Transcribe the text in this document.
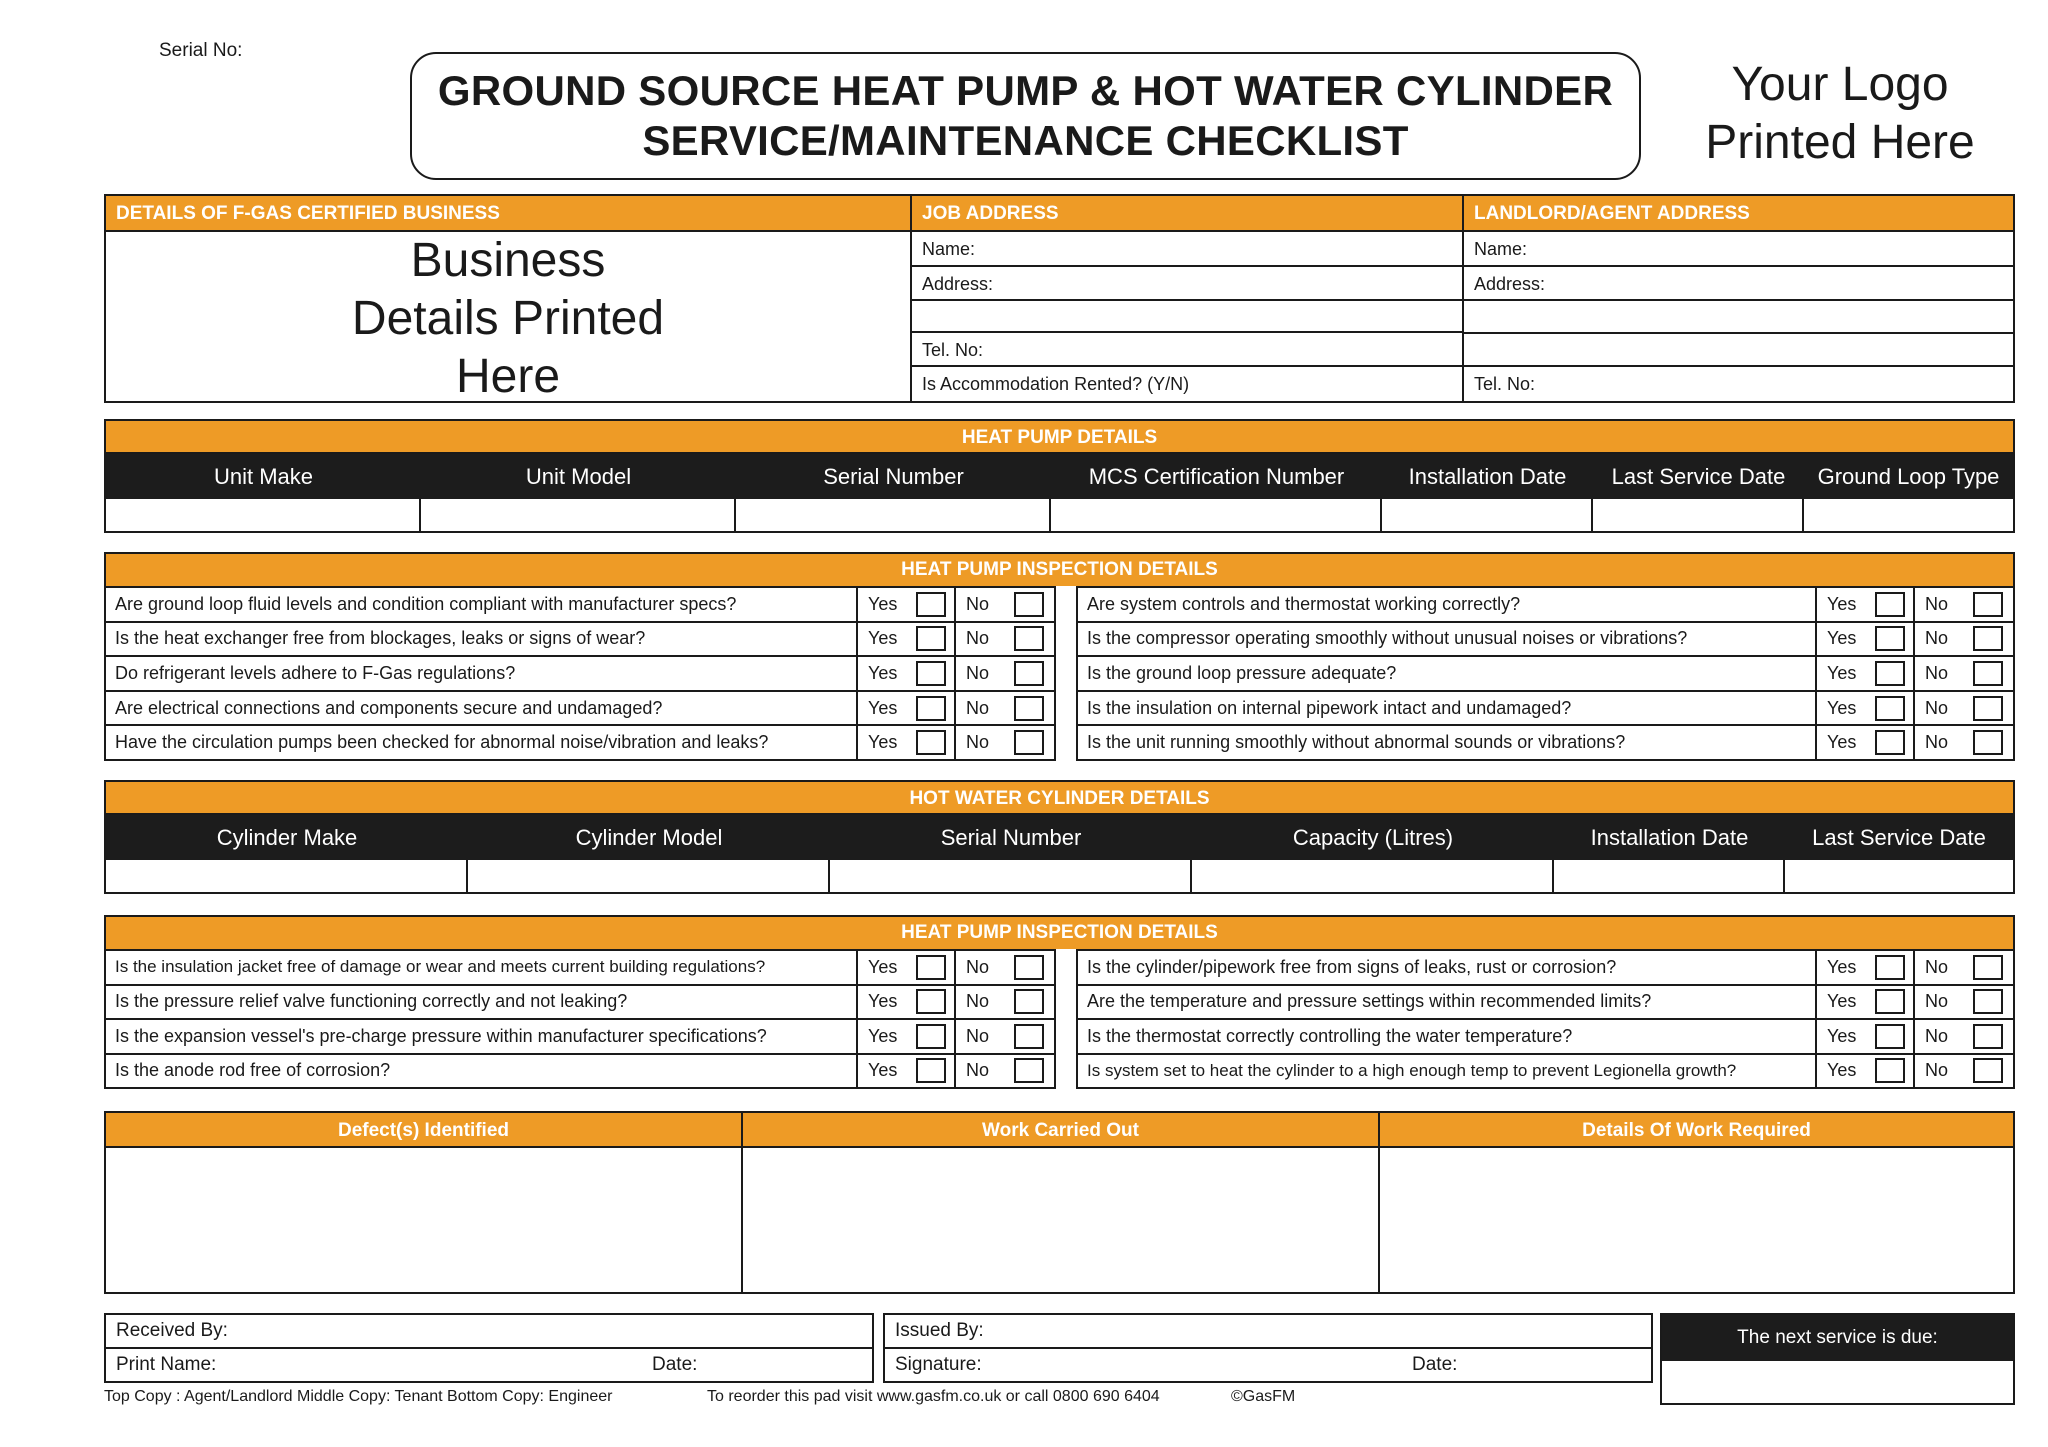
Serial No:
GROUND SOURCE HEAT PUMP & HOT WATER CYLINDER
SERVICE/MAINTENANCE CHECKLIST
Your Logo
Printed Here
DETAILS OF F-GAS CERTIFIED BUSINESS
Business
Details Printed
Here
JOB ADDRESS
Name:
Address:
Tel. No:
Is Accommodation Rented? (Y/N)
LANDLORD/AGENT ADDRESS
Name:
Address:
Tel. No:
HEAT PUMP DETAILS
Unit Make	Unit Model	Serial Number	MCS Certification Number	Installation Date	Last Service Date	Ground Loop Type
HEAT PUMP INSPECTION DETAILS
Are ground loop fluid levels and condition compliant with manufacturer specs?	Yes	No
Is the heat exchanger free from blockages, leaks or signs of wear?	Yes	No
Do refrigerant levels adhere to F-Gas regulations?	Yes	No
Are electrical connections and components secure and undamaged?	Yes	No
Have the circulation pumps been checked for abnormal noise/vibration and leaks?	Yes	No
Are system controls and thermostat working correctly?	Yes	No
Is the compressor operating smoothly without unusual noises or vibrations?	Yes	No
Is the ground loop pressure adequate?	Yes	No
Is the insulation on internal pipework intact and undamaged?	Yes	No
Is the unit running smoothly without abnormal sounds or vibrations?	Yes	No
HOT WATER CYLINDER DETAILS
Cylinder Make	Cylinder Model	Serial Number	Capacity (Litres)	Installation Date	Last Service Date
HEAT PUMP INSPECTION DETAILS
Is the insulation jacket free of damage or wear and meets current building regulations?	Yes	No
Is the pressure relief valve functioning correctly and not leaking?	Yes	No
Is the expansion vessel's pre-charge pressure within manufacturer specifications?	Yes	No
Is the anode rod free of corrosion?	Yes	No
Is the cylinder/pipework free from signs of leaks, rust or corrosion?	Yes	No
Are the temperature and pressure settings within recommended limits?	Yes	No
Is the thermostat correctly controlling the water temperature?	Yes	No
Is system set to heat the cylinder to a high enough temp to prevent Legionella growth?	Yes	No
Defect(s) Identified	Work Carried Out	Details Of Work Required
Received By:
Print Name:	Date:
Issued By:
Signature:	Date:
The next service is due:
Top Copy : Agent/Landlord Middle Copy: Tenant Bottom Copy: Engineer	To reorder this pad visit www.gasfm.co.uk or call 0800 690 6404	©GasFM
